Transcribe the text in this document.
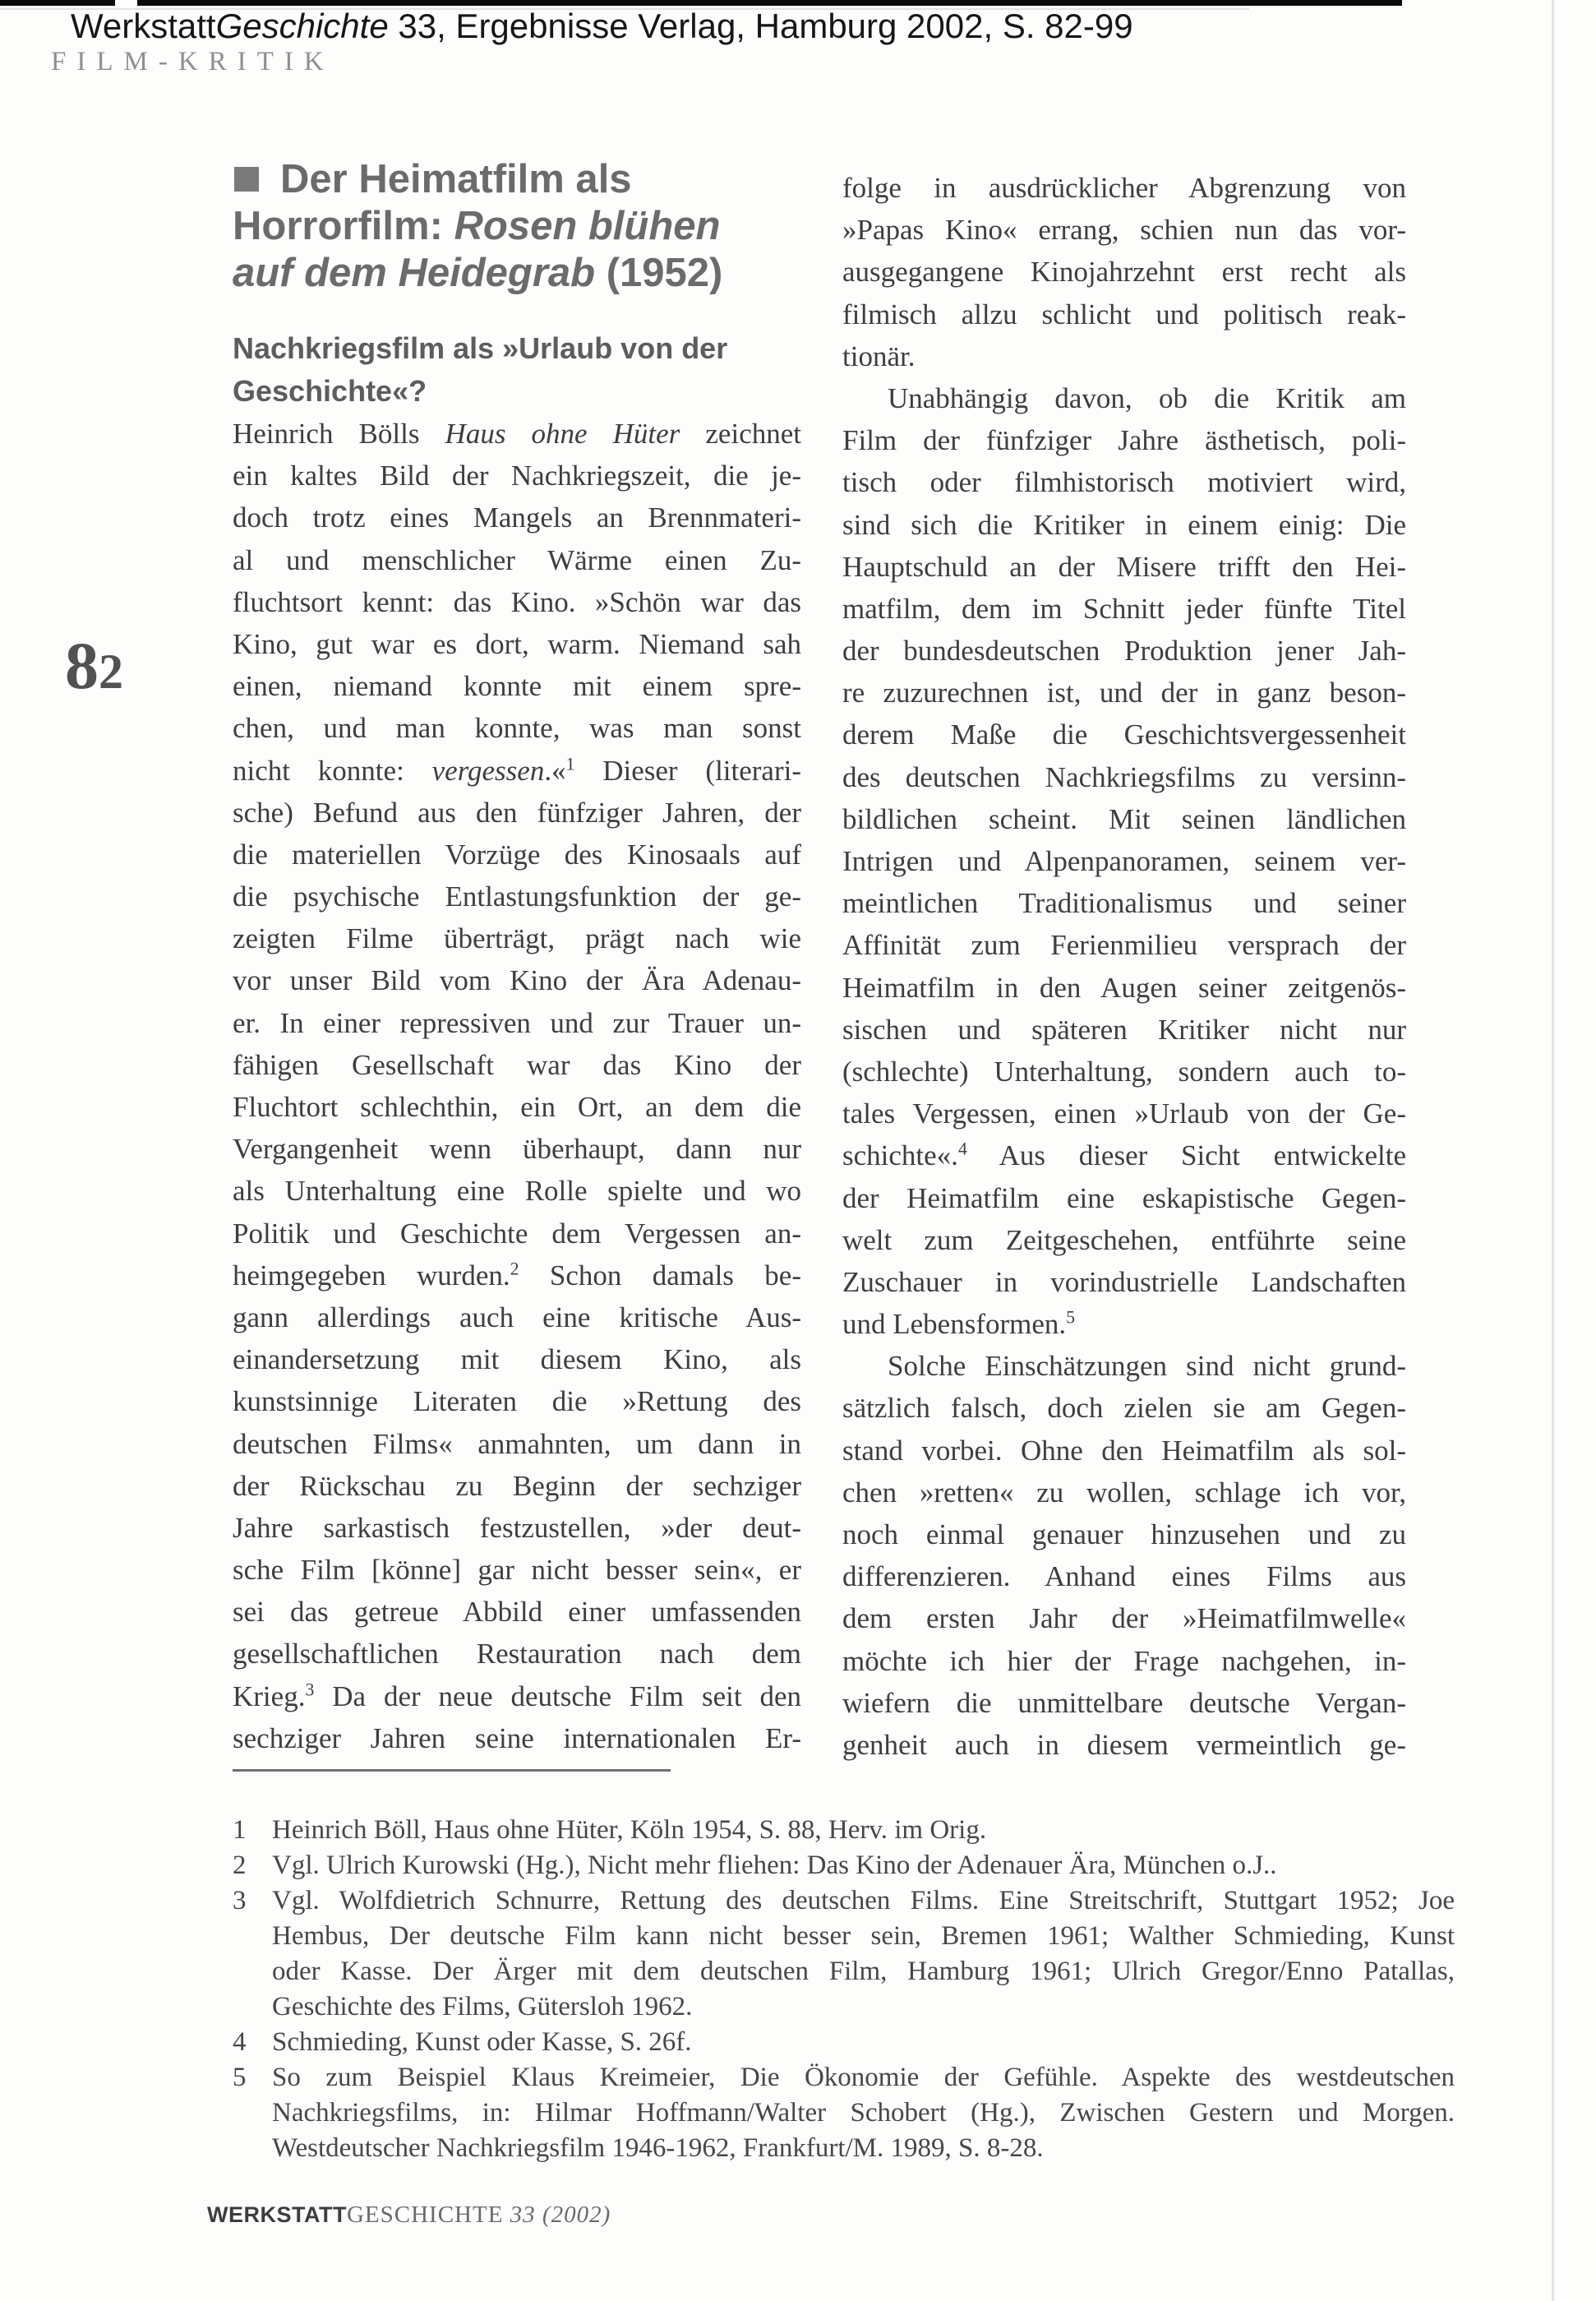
WerkstattGeschichte 33, Ergebnisse Verlag, Hamburg 2002, S. 82-99
FILM-KRITIK
82
Der Heimatfilm als
Horrorfilm: Rosen blühen
auf dem Heidegrab (1952)
Nachkriegsfilm als »Urlaub von der
Geschichte«?
Heinrich Bölls Haus ohne Hüter zeichnet
ein kaltes Bild der Nachkriegszeit, die je-
doch trotz eines Mangels an Brennmateri-
al und menschlicher Wärme einen Zu-
fluchtsort kennt: das Kino. »Schön war das
Kino, gut war es dort, warm. Niemand sah
einen, niemand konnte mit einem spre-
chen, und man konnte, was man sonst
nicht konnte: vergessen.«$^1$ Dieser (literari-
sche) Befund aus den fünfziger Jahren, der
die materiellen Vorzüge des Kinosaals auf
die psychische Entlastungsfunktion der ge-
zeigten Filme überträgt, prägt nach wie
vor unser Bild vom Kino der Ära Adenau-
er. In einer repressiven und zur Trauer un-
fähigen Gesellschaft war das Kino der
Fluchtort schlechthin, ein Ort, an dem die
Vergangenheit wenn überhaupt, dann nur
als Unterhaltung eine Rolle spielte und wo
Politik und Geschichte dem Vergessen an-
heimgegeben wurden.$^2$ Schon damals be-
gann allerdings auch eine kritische Aus-
einandersetzung mit diesem Kino, als
kunstsinnige Literaten die »Rettung des
deutschen Films« anmahnten, um dann in
der Rückschau zu Beginn der sechziger
Jahre sarkastisch festzustellen, »der deut-
sche Film [könne] gar nicht besser sein«, er
sei das getreue Abbild einer umfassenden
gesellschaftlichen Restauration nach dem
Krieg.$^3$ Da der neue deutsche Film seit den
sechziger Jahren seine internationalen Er-
folge in ausdrücklicher Abgrenzung von
»Papas Kino« errang, schien nun das vor-
ausgegangene Kinojahrzehnt erst recht als
filmisch allzu schlicht und politisch reak-
tionär.
Unabhängig davon, ob die Kritik am
Film der fünfziger Jahre ästhetisch, poli-
tisch oder filmhistorisch motiviert wird,
sind sich die Kritiker in einem einig: Die
Hauptschuld an der Misere trifft den Hei-
matfilm, dem im Schnitt jeder fünfte Titel
der bundesdeutschen Produktion jener Jah-
re zuzurechnen ist, und der in ganz beson-
derem Maße die Geschichtsvergessenheit
des deutschen Nachkriegsfilms zu versinn-
bildlichen scheint. Mit seinen ländlichen
Intrigen und Alpenpanoramen, seinem ver-
meintlichen Traditionalismus und seiner
Affinität zum Ferienmilieu versprach der
Heimatfilm in den Augen seiner zeitgenös-
sischen und späteren Kritiker nicht nur
(schlechte) Unterhaltung, sondern auch to-
tales Vergessen, einen »Urlaub von der Ge-
schichte«.$^4$ Aus dieser Sicht entwickelte
der Heimatfilm eine eskapistische Gegen-
welt zum Zeitgeschehen, entführte seine
Zuschauer in vorindustrielle Landschaften
und Lebensformen.$^5$
Solche Einschätzungen sind nicht grund-
sätzlich falsch, doch zielen sie am Gegen-
stand vorbei. Ohne den Heimatfilm als sol-
chen »retten« zu wollen, schlage ich vor,
noch einmal genauer hinzusehen und zu
differenzieren. Anhand eines Films aus
dem ersten Jahr der »Heimatfilmwelle«
möchte ich hier der Frage nachgehen, in-
wiefern die unmittelbare deutsche Vergan-
genheit auch in diesem vermeintlich ge-
1 Heinrich Böll, Haus ohne Hüter, Köln 1954, S. 88, Herv. im Orig.
2 Vgl. Ulrich Kurowski (Hg.), Nicht mehr fliehen: Das Kino der Adenauer Ära, München o.J..
3 Vgl. Wolfdietrich Schnurre, Rettung des deutschen Films. Eine Streitschrift, Stuttgart 1952; Joe
Hembus, Der deutsche Film kann nicht besser sein, Bremen 1961; Walther Schmieding, Kunst
oder Kasse. Der Ärger mit dem deutschen Film, Hamburg 1961; Ulrich Gregor/Enno Patallas,
Geschichte des Films, Gütersloh 1962.
4 Schmieding, Kunst oder Kasse, S. 26f.
5 So zum Beispiel Klaus Kreimeier, Die Ökonomie der Gefühle. Aspekte des westdeutschen
Nachkriegsfilms, in: Hilmar Hoffmann/Walter Schobert (Hg.), Zwischen Gestern und Morgen.
Westdeutscher Nachkriegsfilm 1946-1962, Frankfurt/M. 1989, S. 8-28.
WERKSTATTGESCHICHTE 33 (2002)
